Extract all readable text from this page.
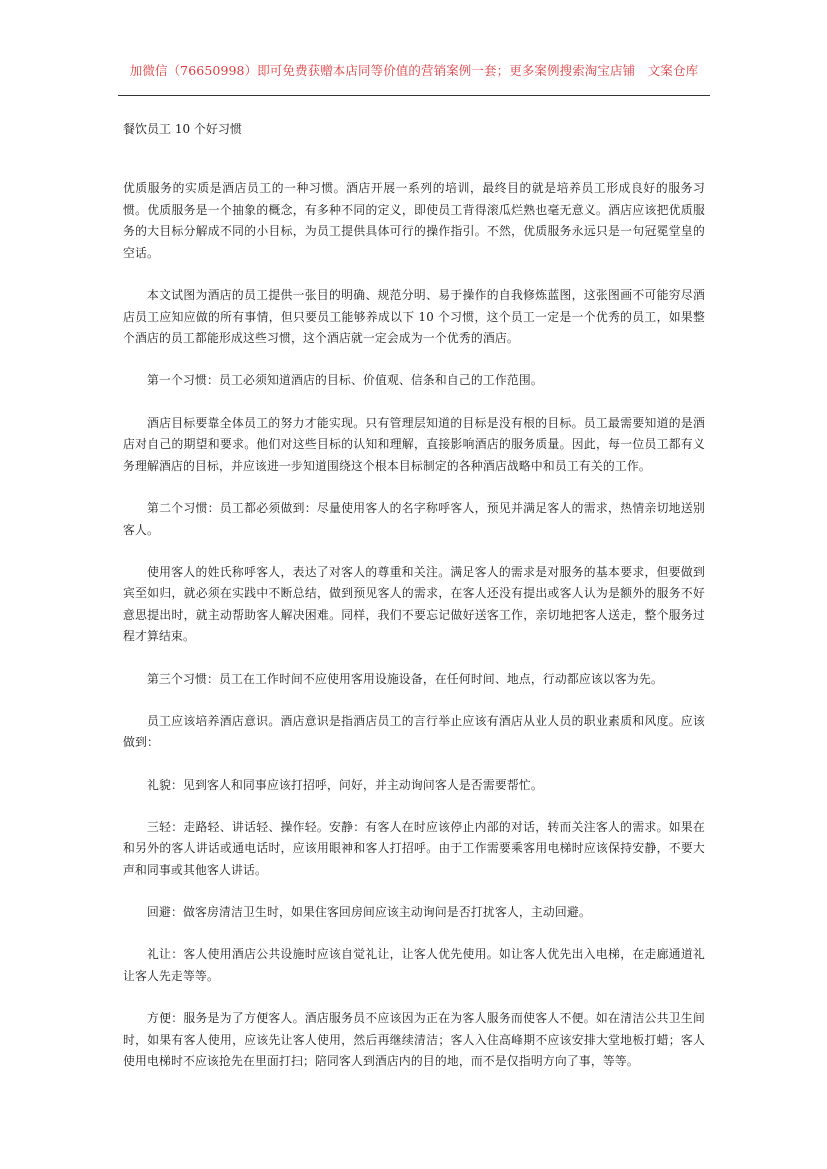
加微信（76650998）即可免费获赠本店同等价值的营销案例一套；更多案例搜索淘宝店铺　文案仓库
餐饮员工 10 个好习惯

优质服务的实质是酒店员工的一种习惯。酒店开展一系列的培训，最终目的就是培养员工形成良好的服务习惯。优质服务是一个抽象的概念，有多种不同的定义，即使员工背得滚瓜烂熟也毫无意义。酒店应该把优质服务的大目标分解成不同的小目标，为员工提供具体可行的操作指引。不然，优质服务永远只是一句冠冕堂皇的空话。

本文试图为酒店的员工提供一张目的明确、规范分明、易于操作的自我修炼蓝图，这张图画不可能穷尽酒店员工应知应做的所有事情，但只要员工能够养成以下 10 个习惯，这个员工一定是一个优秀的员工，如果整个酒店的员工都能形成这些习惯，这个酒店就一定会成为一个优秀的酒店。

第一个习惯：员工必须知道酒店的目标、价值观、信条和自己的工作范围。

酒店目标要靠全体员工的努力才能实现。只有管理层知道的目标是没有根的目标。员工最需要知道的是酒店对自己的期望和要求。他们对这些目标的认知和理解，直接影响酒店的服务质量。因此，每一位员工都有义务理解酒店的目标，并应该进一步知道围绕这个根本目标制定的各种酒店战略中和员工有关的工作。

第二个习惯：员工都必须做到：尽量使用客人的名字称呼客人，预见并满足客人的需求，热情亲切地送别客人。

使用客人的姓氏称呼客人，表达了对客人的尊重和关注。满足客人的需求是对服务的基本要求，但要做到宾至如归，就必须在实践中不断总结，做到预见客人的需求，在客人还没有提出或客人认为是额外的服务不好意思提出时，就主动帮助客人解决困难。同样，我们不要忘记做好送客工作，亲切地把客人送走，整个服务过程才算结束。

第三个习惯：员工在工作时间不应使用客用设施设备，在任何时间、地点，行动都应该以客为先。

员工应该培养酒店意识。酒店意识是指酒店员工的言行举止应该有酒店从业人员的职业素质和风度。应该做到：

礼貌：见到客人和同事应该打招呼，问好，并主动询问客人是否需要帮忙。

三轻：走路轻、讲话轻、操作轻。安静：有客人在时应该停止内部的对话，转而关注客人的需求。如果在和另外的客人讲话或通电话时，应该用眼神和客人打招呼。由于工作需要乘客用电梯时应该保持安静，不要大声和同事或其他客人讲话。

回避：做客房清洁卫生时，如果住客回房间应该主动询问是否打扰客人，主动回避。

礼让：客人使用酒店公共设施时应该自觉礼让，让客人优先使用。如让客人优先出入电梯，在走廊通道礼让客人先走等等。

方便：服务是为了方便客人。酒店服务员不应该因为正在为客人服务而使客人不便。如在清洁公共卫生间时，如果有客人使用，应该先让客人使用，然后再继续清洁；客人入住高峰期不应该安排大堂地板打蜡；客人使用电梯时不应该抢先在里面打扫；陪同客人到酒店内的目的地，而不是仅指明方向了事，等等。
